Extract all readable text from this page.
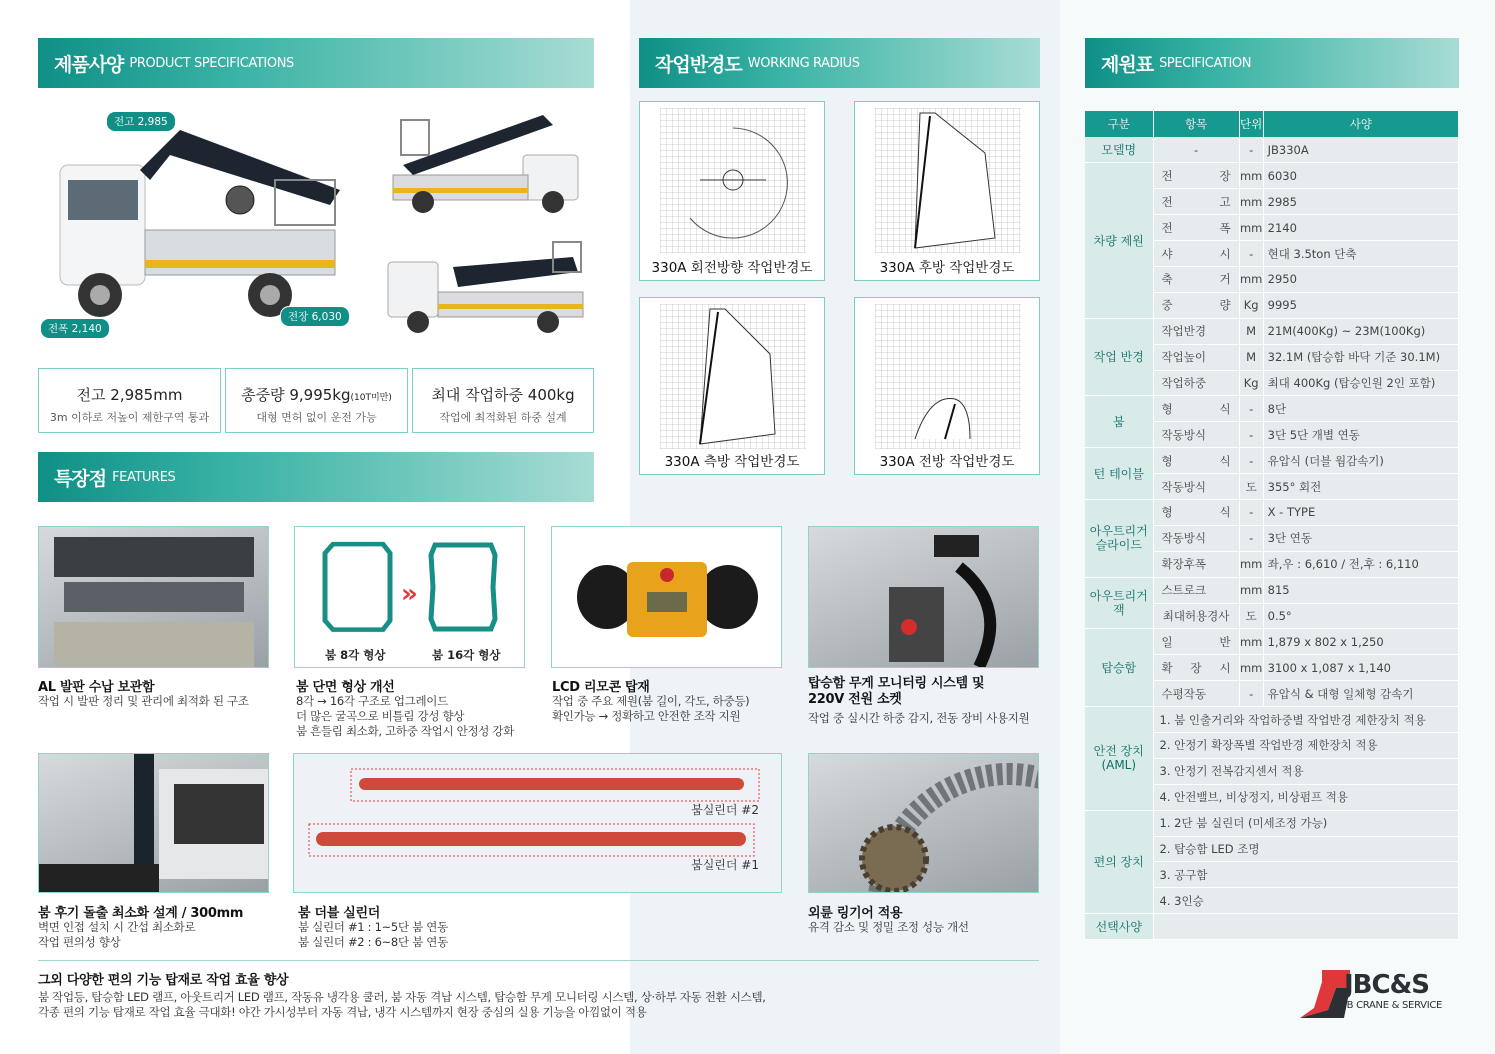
제품사양 PRODUCT SPECIFICATIONS	작업반경도 WORKING RADIUS	제원표 SPECIFICATION
특장점 FEATURES
전고 2,985
전폭 2,140
전장 6,030
전고 2,985mm
3m 이하로 저높이 제한구역 통과
총중량 9,995kg(10T미만)
대형 면허 없이 운전 가능
최대 작업하중 400kg
작업에 최적화된 하중 설계
330A 회전방향 작업반경도	330A 후방 작업반경도
330A 측방 작업반경도	330A 전방 작업반경도
»
붐 8각 형상	붐 16각 형상
AL 발판 수납 보관함
작업 시 발판 정리 및 관리에 최적화 된 구조
붐 단면 형상 개선
8각 → 16각 구조로 업그레이드
더 많은 굴곡으로 비틀림 강성 향상
붐 흔들림 최소화, 고하중 작업시 안정성 강화
LCD 리모콘 탑재
작업 중 주요 제원(붐 길이, 각도, 하중등)
확인가능 → 정확하고 안전한 조작 지원
탑승함 무게 모니터링 시스템 및
220V 전원 소켓
작업 중 실시간 하중 감지, 전동 장비 사용지원
붐실린더 #2
붐실린더 #1
붐 후기 돌출 최소화 설계 / 300mm
벽면 인접 설치 시 간섭 최소화로
작업 편의성 향상
붐 더블 실린더
붐 실린더 #1 : 1~5단 붐 연동
붐 실린더 #2 : 6~8단 붐 연동
외륜 링기어 적용
유격 감소 및 정밀 조정 성능 개선
그외 다양한 편의 기능 탑재로 작업 효율 향상
붐 작업등, 탑승함 LED 램프, 아웃트리거 LED 램프, 작동유 냉각용 쿨러, 붐 자동 격납 시스템, 탑승함 무게 모니터링 시스템, 상·하부 자동 전환 시스템,
각종 편의 기능 탑재로 작업 효율 극대화! 야간 가시성부터 자동 격납, 냉각 시스템까지 현장 중심의 실용 기능을 아낌없이 적용
구분	항목	단위	사양
모델명	-	-	JB330A
차량 제원	전 장	mm	6030
	전 고	mm	2985
	전 폭	mm	2140
	샤 시	-	현대 3.5ton 단축
	축 거	mm	2950
	중 량	Kg	9995
작업 반경	작업반경	M	21M(400Kg) ~ 23M(100Kg)
	작업높이	M	32.1M (탑승함 바닥 기준 30.1M)
	작업하중	Kg	최대 400Kg (탑승인원 2인 포함)
붐	형 식	-	8단
	작동방식	-	3단 5단 개별 연동
턴 테이블	형 식	-	유압식 (더블 웜감속기)
	작동방식	도	355° 회전
아우트리거 슬라이드	형 식	-	X - TYPE
	작동방식	-	3단 연동
	확장후폭	mm	좌,우 : 6,610 / 전,후 : 6,110
아우트리거 잭	스트로크	mm	815
	최대허용경사	도	0.5°
탑승함	일 반	mm	1,879 x 802 x 1,250
	확 장 시	mm	3100 x 1,087 x 1,140
	수평작동	-	유압식 & 대형 일체형 감속기
안전 장치 (AML)	1. 붐 인출거리와 작업하중별 작업반경 제한장치 적용		
	2. 안정기 확장폭별 작업반경 제한장치 적용		
	3. 안정기 전복감지센서 적용		
	4. 안전밸브, 비상정지, 비상펌프 적용		
편의 장치	1. 2단 붐 실린더 (미세조정 가능)		
	2. 탑승함 LED 조명		
	3. 공구함		
	4. 3인승		
선택사양			
JBC&S
JB CRANE & SERVICE
